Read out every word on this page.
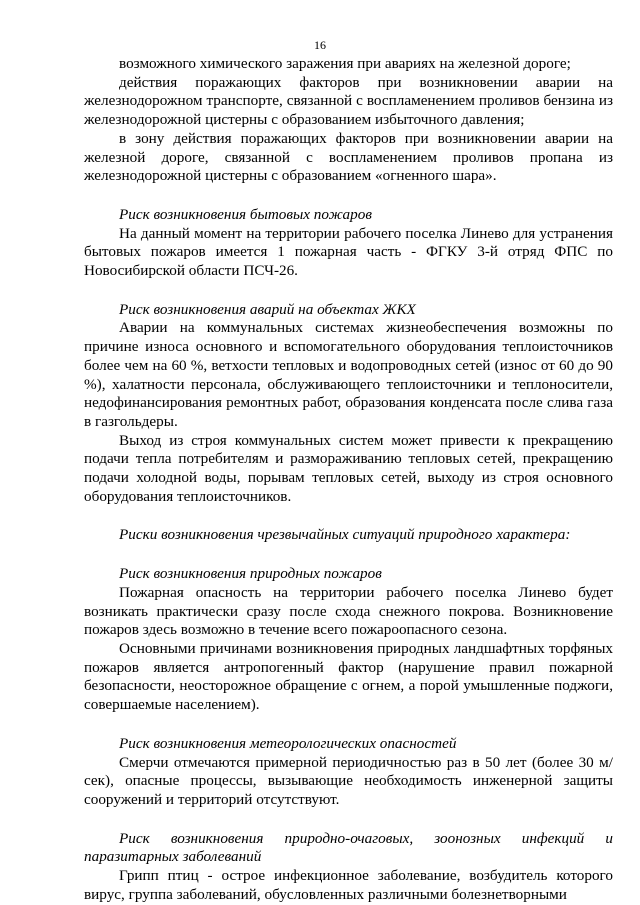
16

возможного химического заражения при авариях на железной дороге;

действия поражающих факторов при возникновении аварии на железнодорожном транспорте, связанной с воспламенением проливов бензина из железнодорожной цистерны с образованием избыточного давления;

в зону действия поражающих факторов при возникновении аварии на железной дороге, связанной с воспламенением проливов пропана из железнодорожной цистерны с образованием «огненного шара».

Риск возникновения бытовых пожаров

На данный момент на территории рабочего поселка Линево для устранения бытовых пожаров имеется 1 пожарная часть - ФГКУ 3-й отряд ФПС по Новосибирской области ПСЧ-26.

Риск возникновения аварий на объектах ЖКХ

Аварии на коммунальных системах жизнеобеспечения возможны по причине износа основного и вспомогательного оборудования теплоисточников более чем на 60 %, ветхости тепловых и водопроводных сетей (износ от 60 до 90 %), халатности персонала, обслуживающего теплоисточники и теплоносители, недофинансирования ремонтных работ, образования конденсата после слива газа в газгольдеры.

Выход из строя коммунальных систем может привести к прекращению подачи тепла потребителям и размораживанию тепловых сетей, прекращению подачи холодной воды, порывам тепловых сетей, выходу из строя основного оборудования теплоисточников.

Риски возникновения чрезвычайных ситуаций природного характера:

Риск возникновения природных пожаров

Пожарная опасность на территории рабочего поселка Линево будет возникать практически сразу после схода снежного покрова. Возникновение пожаров здесь возможно в течение всего пожароопасного сезона.

Основными причинами возникновения природных ландшафтных торфяных пожаров является антропогенный фактор (нарушение правил пожарной безопасности, неосторожное обращение с огнем, а порой умышленные поджоги, совершаемые населением).

Риск возникновения метеорологических опасностей

Смерчи отмечаются примерной периодичностью раз в 50 лет (более 30 м/сек), опасные процессы, вызывающие необходимость инженерной защиты сооружений и территорий отсутствуют.

Риск возникновения природно-очаговых, зоонозных инфекций и паразитарных заболеваний

Грипп птиц - острое инфекционное заболевание, возбудитель которого вирус, группа заболеваний, обусловленных различными болезнетворными
